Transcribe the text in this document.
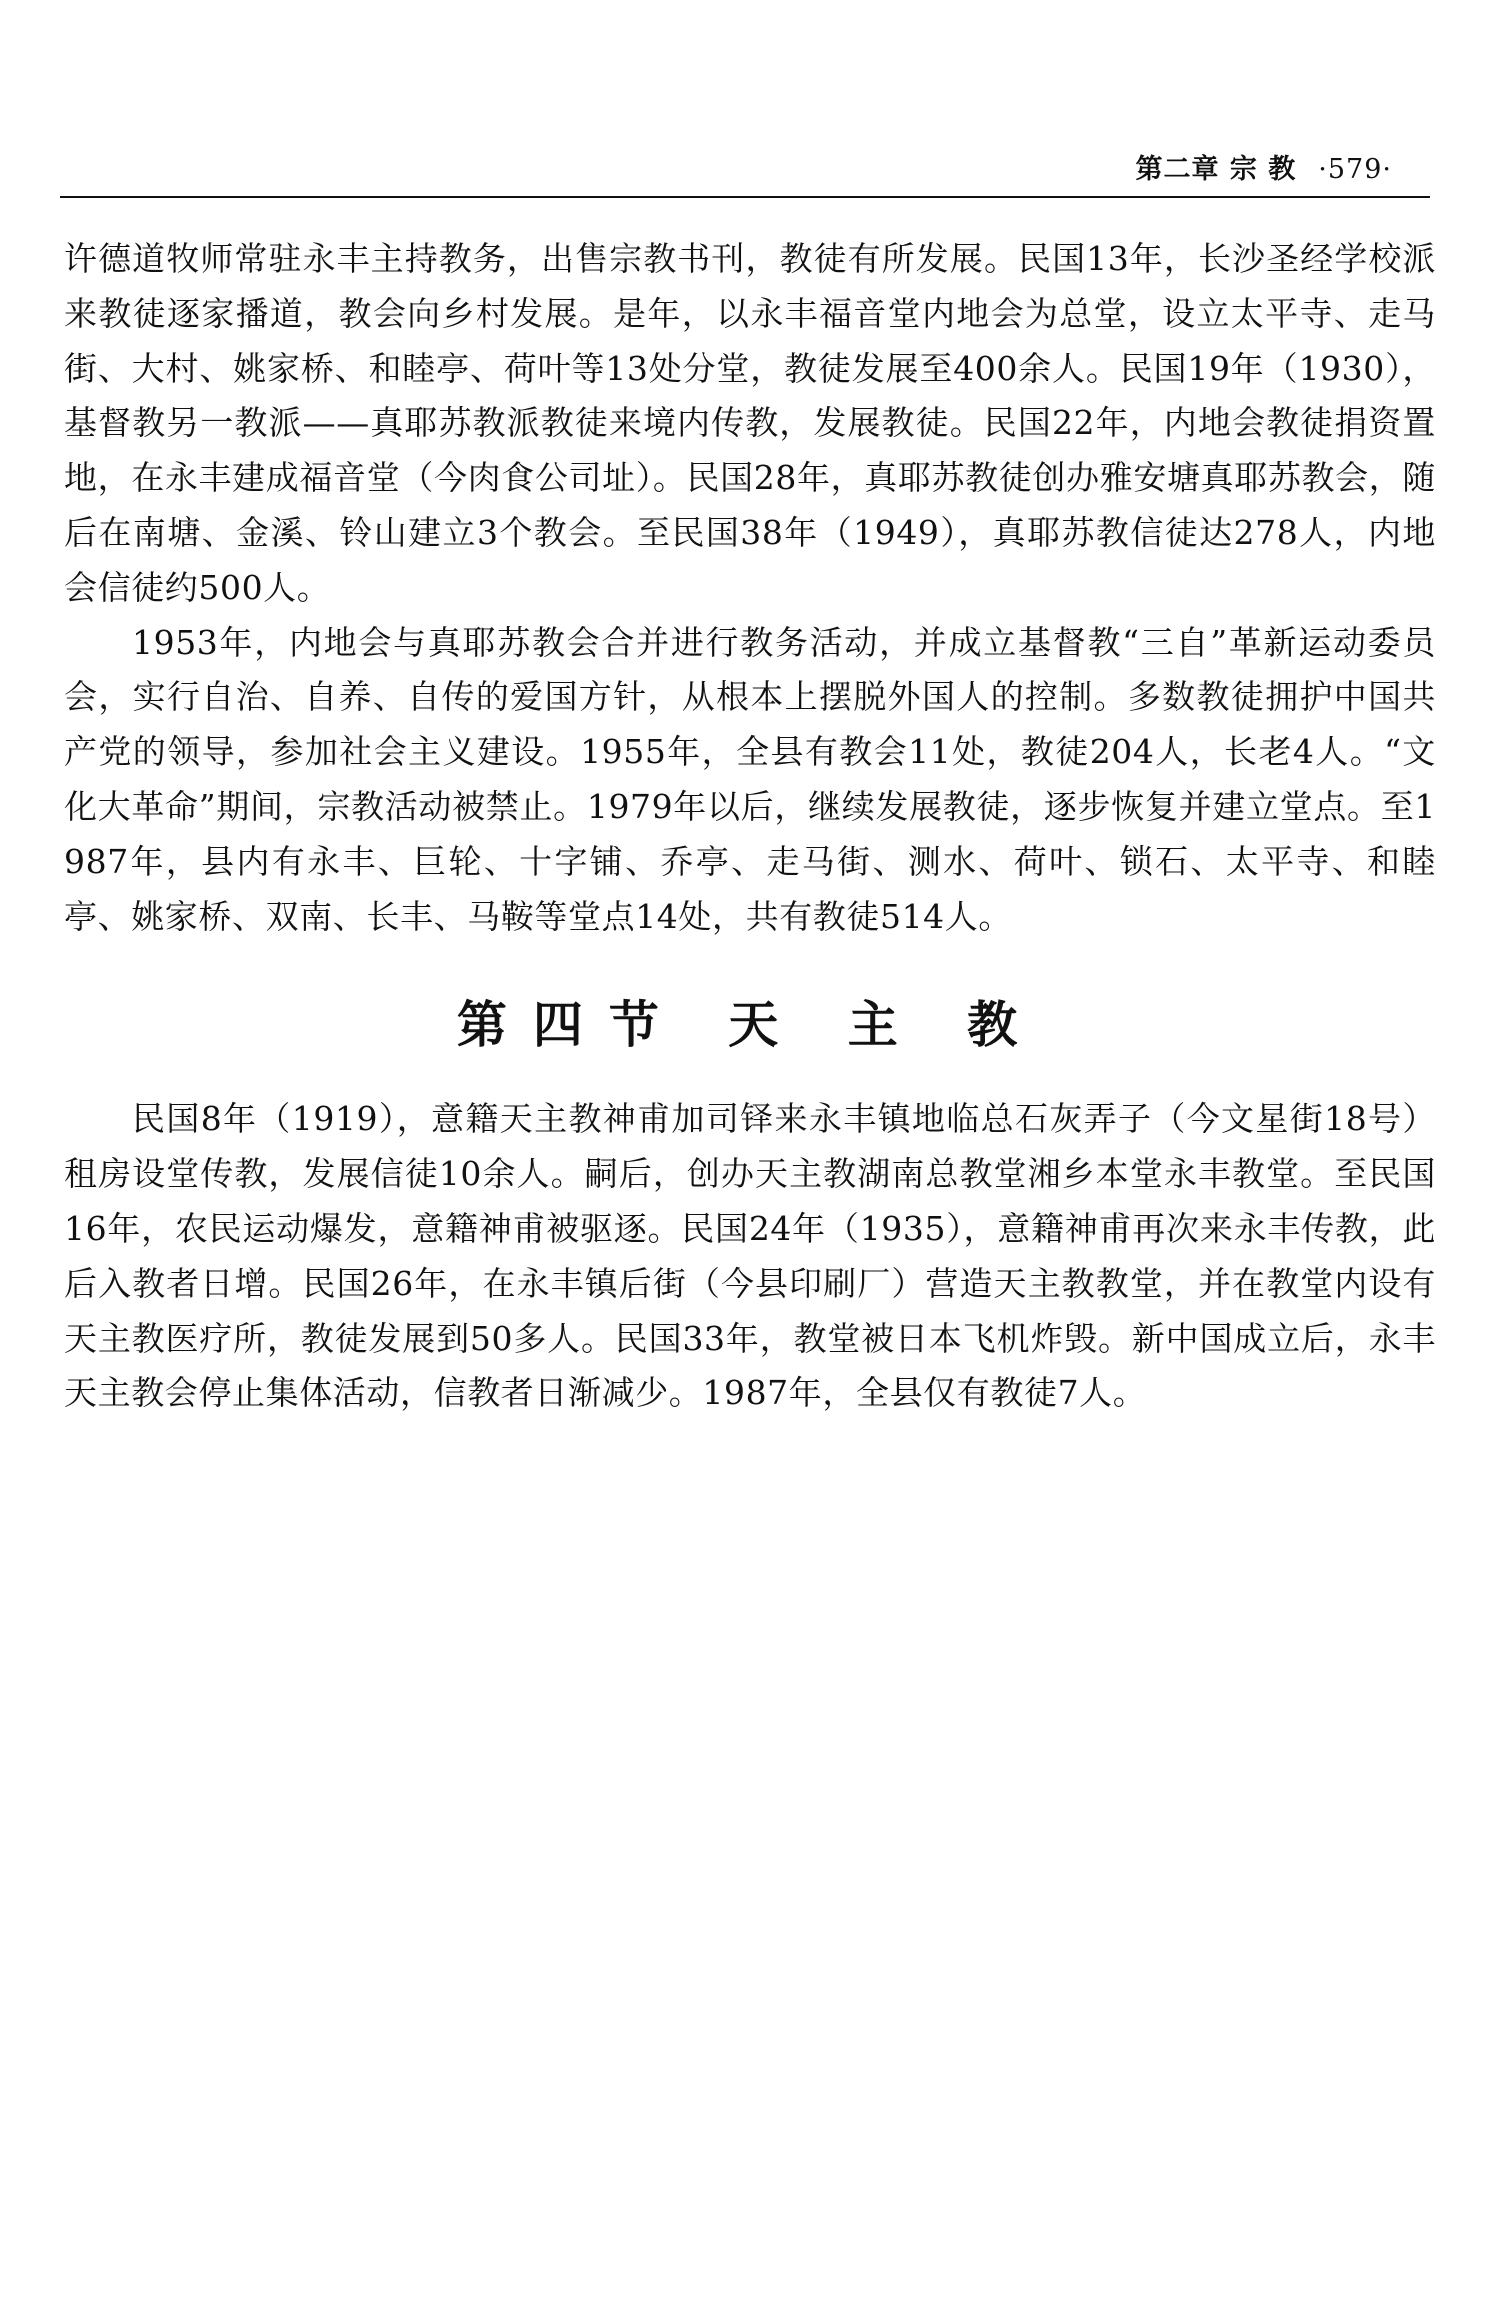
第二章 宗 教 ·579·

许德道牧师常驻永丰主持教务，出售宗教书刊，教徒有所发展。民国13年，长沙圣经学校派来教徒逐家播道，教会向乡村发展。是年，以永丰福音堂内地会为总堂，设立太平寺、走马街、大村、姚家桥、和睦亭、荷叶等13处分堂，教徒发展至400余人。民国19年（1930），基督教另一教派——真耶苏教派教徒来境内传教，发展教徒。民国22年，内地会教徒捐资置地，在永丰建成福音堂（今肉食公司址）。民国28年，真耶苏教徒创办雅安塘真耶苏教会，随后在南塘、金溪、铃山建立3个教会。至民国38年（1949），真耶苏教信徒达278人，内地会信徒约500人。

1953年，内地会与真耶苏教会合并进行教务活动，并成立基督教“三自”革新运动委员会，实行自治、自养、自传的爱国方针，从根本上摆脱外国人的控制。多数教徒拥护中国共产党的领导，参加社会主义建设。1955年，全县有教会11处，教徒204人，长老4人。“文化大革命”期间，宗教活动被禁止。1979年以后，继续发展教徒，逐步恢复并建立堂点。至1987年，县内有永丰、巨轮、十字铺、乔亭、走马街、测水、荷叶、锁石、太平寺、和睦亭、姚家桥、双南、长丰、马鞍等堂点14处，共有教徒514人。

第四节 天 主 教

民国8年（1919），意籍天主教神甫加司铎来永丰镇地临总石灰弄子（今文星街18号）租房设堂传教，发展信徒10余人。嗣后，创办天主教湖南总教堂湘乡本堂永丰教堂。至民国16年，农民运动爆发，意籍神甫被驱逐。民国24年（1935），意籍神甫再次来永丰传教，此后入教者日增。民国26年，在永丰镇后街（今县印刷厂）营造天主教教堂，并在教堂内设有天主教医疗所，教徒发展到50多人。民国33年，教堂被日本飞机炸毁。新中国成立后，永丰天主教会停止集体活动，信教者日渐减少。1987年，全县仅有教徒7人。
